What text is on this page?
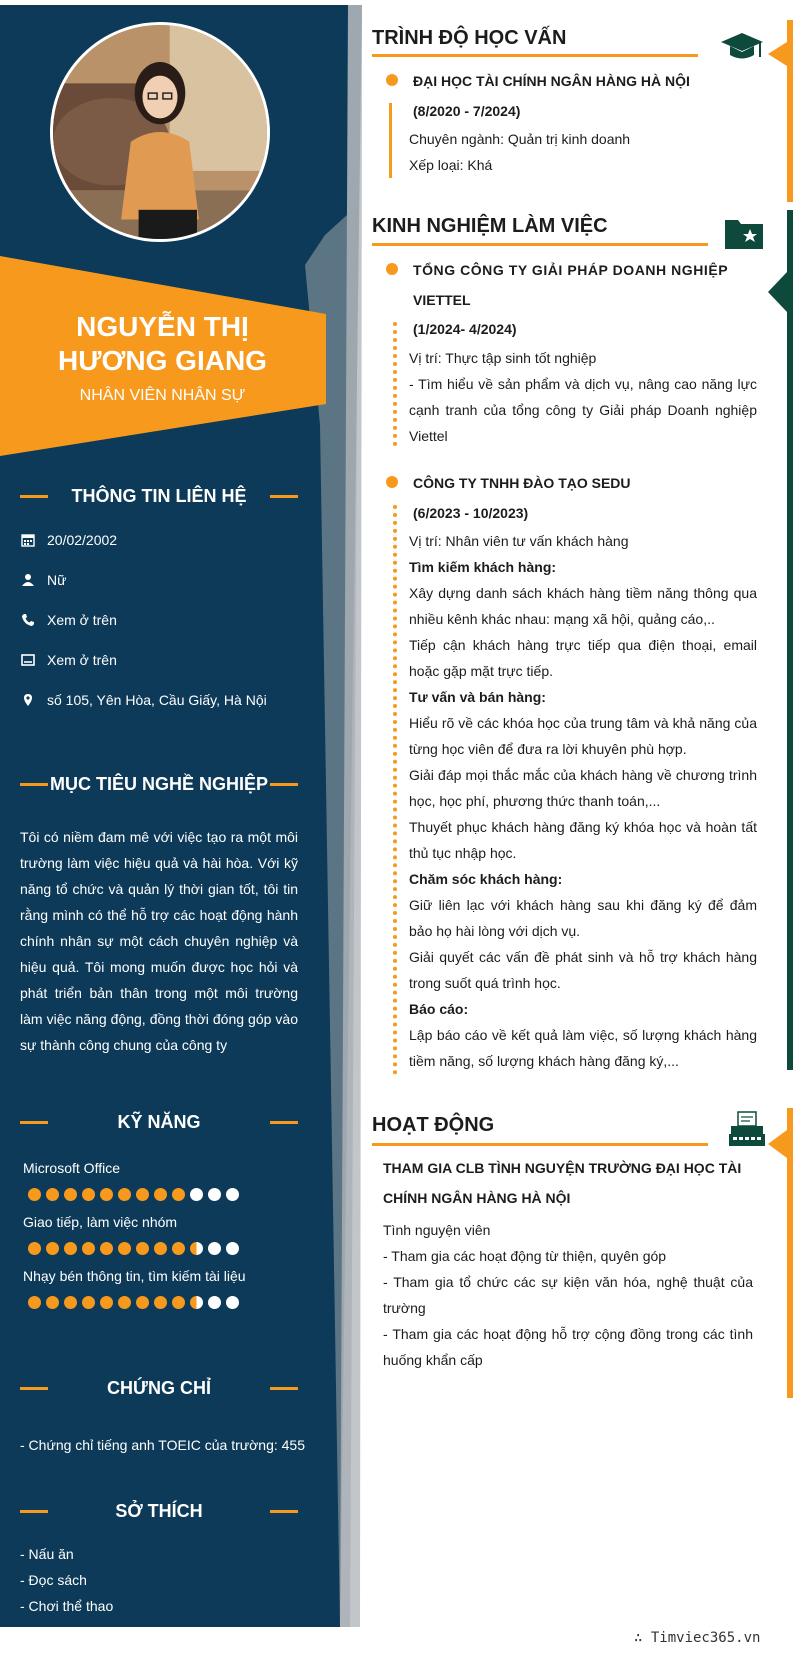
NGUYỄN THỊ HƯƠNG GIANG
NHÂN VIÊN NHÂN SỰ
THÔNG TIN LIÊN HỆ
20/02/2002
Nữ
Xem ở trên
Xem ở trên
số 105, Yên Hòa, Cầu Giấy, Hà Nội
MỤC TIÊU NGHỀ NGHIỆP
Tôi có niềm đam mê với việc tạo ra một môi trường làm việc hiệu quả và hài hòa. Với kỹ năng tổ chức và quản lý thời gian tốt, tôi tin rằng mình có thể hỗ trợ các hoạt động hành chính nhân sự một cách chuyên nghiệp và hiệu quả. Tôi mong muốn được học hỏi và phát triển bản thân trong một môi trường làm việc năng động, đồng thời đóng góp vào sự thành công chung của công ty
KỸ NĂNG
Microsoft Office
Giao tiếp, làm việc nhóm
Nhạy bén thông tin, tìm kiếm tài liệu
CHỨNG CHỈ
- Chứng chỉ tiếng anh TOEIC của trường: 455
SỞ THÍCH
- Nấu ăn
- Đọc sách
- Chơi thể thao
TRÌNH ĐỘ HỌC VẤN
ĐẠI HỌC TÀI CHÍNH NGÂN HÀNG HÀ NỘI
(8/2020 - 7/2024)
Chuyên ngành: Quản trị kinh doanh
Xếp loại: Khá
KINH NGHIỆM LÀM VIỆC
TỔNG CÔNG TY GIẢI PHÁP DOANH NGHIỆP
VIETTEL
(1/2024- 4/2024)
Vị trí: Thực tập sinh tốt nghiệp
- Tìm hiểu về sản phẩm và dịch vụ, nâng cao năng lực cạnh tranh của tổng công ty Giải pháp Doanh nghiệp Viettel
CÔNG TY TNHH ĐÀO TẠO SEDU
(6/2023 - 10/2023)
Vị trí: Nhân viên tư vấn khách hàng
Tìm kiếm khách hàng:
Xây dựng danh sách khách hàng tiềm năng thông qua nhiều kênh khác nhau: mạng xã hội, quảng cáo,..
Tiếp cận khách hàng trực tiếp qua điện thoại, email hoặc gặp mặt trực tiếp.
Tư vấn và bán hàng:
Hiểu rõ về các khóa học của trung tâm và khả năng của từng học viên để đưa ra lời khuyên phù hợp.
Giải đáp mọi thắc mắc của khách hàng về chương trình học, học phí, phương thức thanh toán,...
Thuyết phục khách hàng đăng ký khóa học và hoàn tất thủ tục nhập học.
Chăm sóc khách hàng:
Giữ liên lạc với khách hàng sau khi đăng ký để đảm bảo họ hài lòng với dịch vụ.
Giải quyết các vấn đề phát sinh và hỗ trợ khách hàng trong suốt quá trình học.
Báo cáo:
Lập báo cáo về kết quả làm việc, số lượng khách hàng tiềm năng, số lượng khách hàng đăng ký,...
HOẠT ĐỘNG
THAM GIA CLB TÌNH NGUYỆN TRƯỜNG ĐẠI HỌC TÀI CHÍNH NGÂN HÀNG HÀ NỘI
Tình nguyện viên
- Tham gia các hoạt động từ thiện, quyên góp
- Tham gia tổ chức các sự kiện văn hóa, nghệ thuật của trường
- Tham gia các hoạt động hỗ trợ cộng đồng trong các tình huống khẩn cấp
∴ Timviec365.vn
